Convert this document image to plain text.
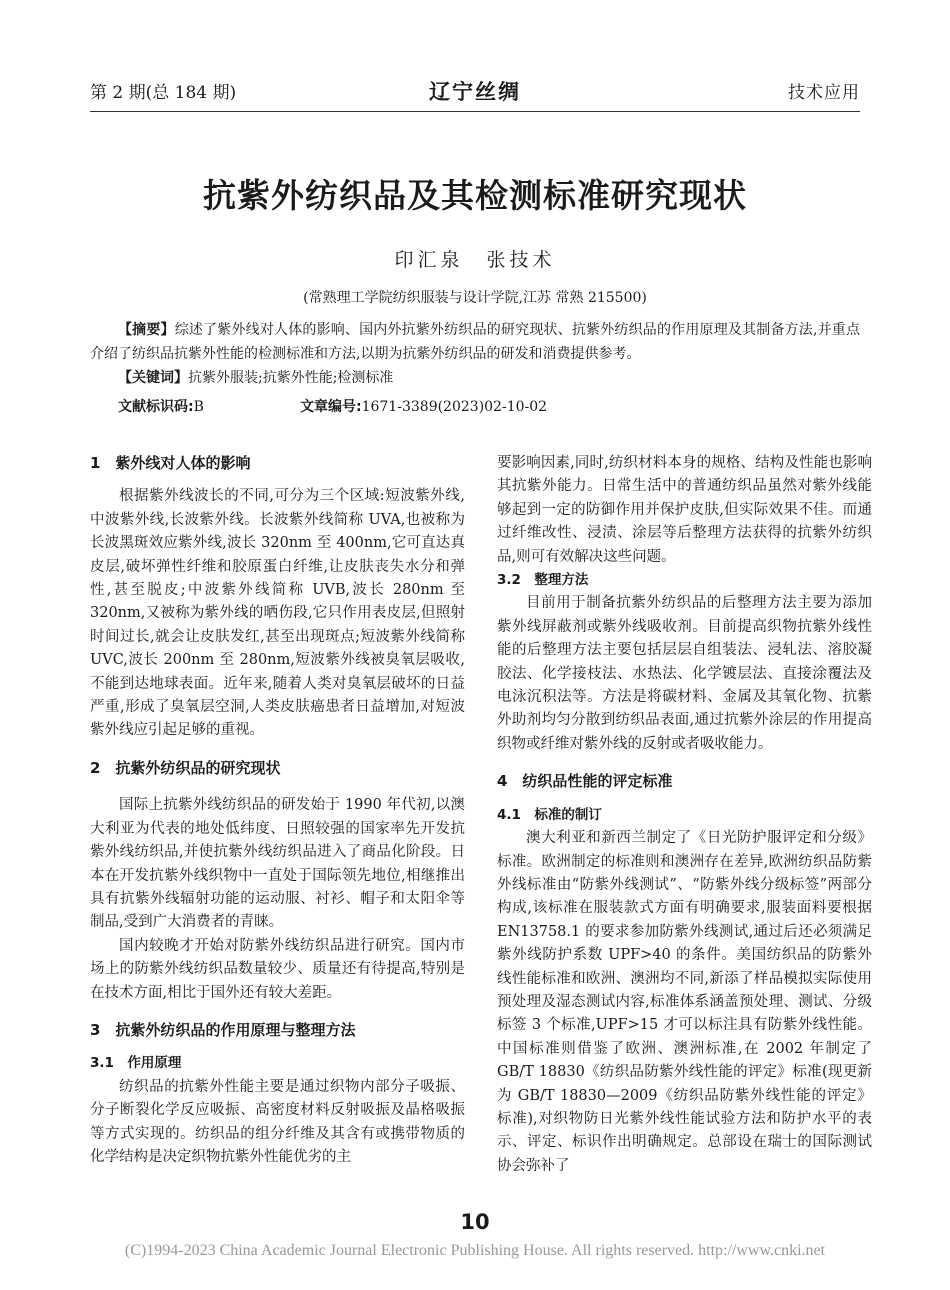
第 2 期(总 184 期)	辽宁丝绸	技术应用
抗紫外纺织品及其检测标准研究现状
印汇泉　张技术
(常熟理工学院纺织服装与设计学院,江苏 常熟 215500)

【摘要】综述了紫外线对人体的影响、国内外抗紫外纺织品的研究现状、抗紫外纺织品的作用原理及其制备方法,并重点介绍了纺织品抗紫外性能的检测标准和方法,以期为抗紫外纺织品的研发和消费提供参考。

【关键词】抗紫外服装;抗紫外性能;检测标准

文献标识码:B	文章编号:1671-3389(2023)02-10-02
1　紫外线对人体的影响

根据紫外线波长的不同,可分为三个区域:短波紫外线,中波紫外线,长波紫外线。长波紫外线简称 UVA,也被称为长波黑斑效应紫外线,波长 320nm 至 400nm,它可直达真皮层,破坏弹性纤维和胶原蛋白纤维,让皮肤丧失水分和弹性,甚至脱皮;中波紫外线简称 UVB,波长 280nm 至 320nm,又被称为紫外线的晒伤段,它只作用表皮层,但照射时间过长,就会让皮肤发红,甚至出现斑点;短波紫外线简称 UVC,波长 200nm 至 280nm,短波紫外线被臭氧层吸收,不能到达地球表面。近年来,随着人类对臭氧层破坏的日益严重,形成了臭氧层空洞,人类皮肤癌患者日益增加,对短波紫外线应引起足够的重视。

2　抗紫外纺织品的研究现状

国际上抗紫外线纺织品的研发始于 1990 年代初,以澳大利亚为代表的地处低纬度、日照较强的国家率先开发抗紫外线纺织品,并使抗紫外线纺织品进入了商品化阶段。日本在开发抗紫外线织物中一直处于国际领先地位,相继推出具有抗紫外线辐射功能的运动服、衬衫、帽子和太阳伞等制品,受到广大消费者的青睐。

国内较晚才开始对防紫外线纺织品进行研究。国内市场上的防紫外线纺织品数量较少、质量还有待提高,特别是在技术方面,相比于国外还有较大差距。

3　抗紫外纺织品的作用原理与整理方法
3.1　作用原理

纺织品的抗紫外性能主要是通过织物内部分子吸振、分子断裂化学反应吸振、高密度材料反射吸振及晶格吸振等方式实现的。纺织品的组分纤维及其含有或携带物质的化学结构是决定织物抗紫外性能优劣的主

要影响因素,同时,纺织材料本身的规格、结构及性能也影响其抗紫外能力。日常生活中的普通纺织品虽然对紫外线能够起到一定的防御作用并保护皮肤,但实际效果不佳。而通过纤维改性、浸渍、涂层等后整理方法获得的抗紫外纺织品,则可有效解决这些问题。

3.2　整理方法

目前用于制备抗紫外纺织品的后整理方法主要为添加紫外线屏蔽剂或紫外线吸收剂。目前提高织物抗紫外线性能的后整理方法主要包括层层自组装法、浸轧法、溶胶凝胶法、化学接枝法、水热法、化学镀层法、直接涂覆法及电泳沉积法等。方法是将碳材料、金属及其氧化物、抗紫外助剂均匀分散到纺织品表面,通过抗紫外涂层的作用提高织物或纤维对紫外线的反射或者吸收能力。

4　纺织品性能的评定标准
4.1　标准的制订

澳大利亚和新西兰制定了《日光防护服评定和分级》标准。欧洲制定的标准则和澳洲存在差异,欧洲纺织品防紫外线标准由“防紫外线测试”、“防紫外线分级标签”两部分构成,该标准在服装款式方面有明确要求,服装面料要根据 EN13758.1 的要求参加防紫外线测试,通过后还必须满足紫外线防护系数 UPF>40 的条件。美国纺织品的防紫外线性能标准和欧洲、澳洲均不同,新添了样品模拟实际使用预处理及湿态测试内容,标准体系涵盖预处理、测试、分级标签 3 个标准,UPF>15 才可以标注具有防紫外线性能。中国标准则借鉴了欧洲、澳洲标准,在 2002 年制定了 GB/T 18830《纺织品防紫外线性能的评定》标准(现更新为 GB/T 18830—2009《纺织品防紫外线性能的评定》标准),对织物防日光紫外线性能试验方法和防护水平的表示、评定、标识作出明确规定。总部设在瑞士的国际测试协会弥补了

10
(C)1994-2023 China Academic Journal Electronic Publishing House. All rights reserved. http://www.cnki.net
